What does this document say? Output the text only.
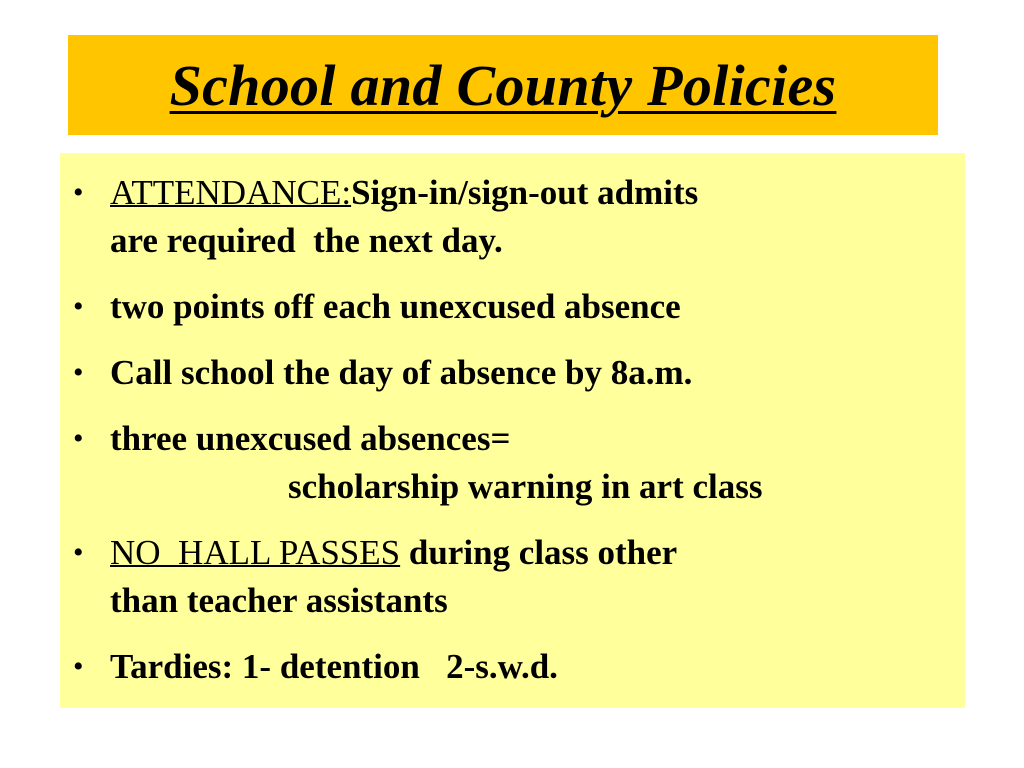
School and County Policies
• ATTENDANCE:Sign-in/sign-out admits
are required  the next day.
• two points off each unexcused absence
• Call school the day of absence by 8a.m.
• three unexcused absences=
scholarship warning in art class
• NO  HALL PASSES during class other
than teacher assistants
• Tardies: 1- detention   2-s.w.d.
